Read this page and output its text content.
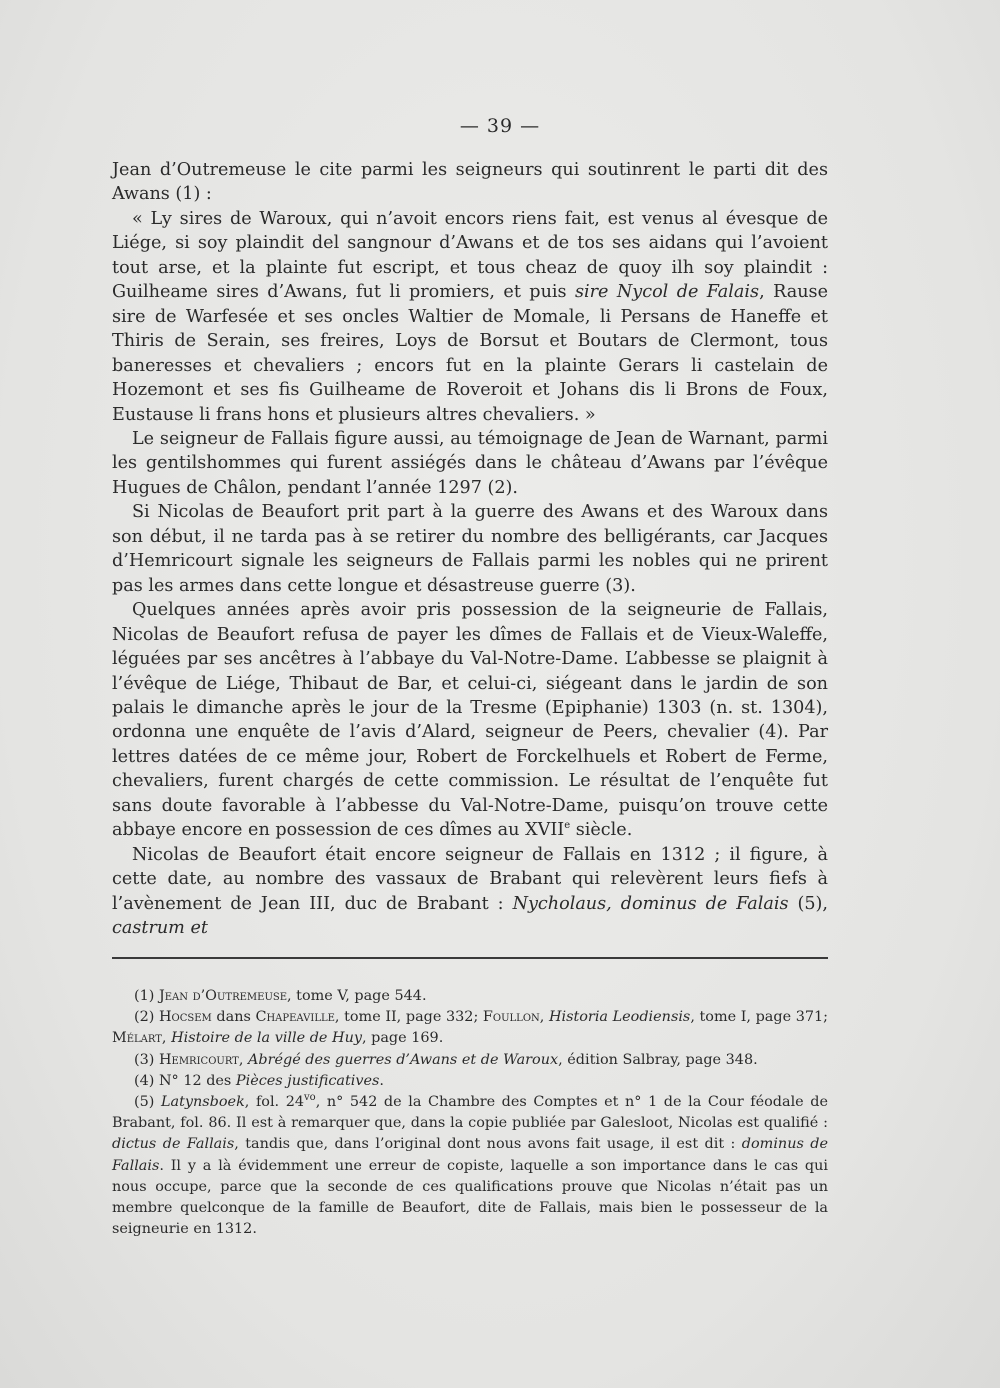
— 39 —

Jean d’Outremeuse le cite parmi les seigneurs qui soutinrent le parti dit des Awans (1) :

« Ly sires de Waroux, qui n’avoit encors riens fait, est venus al évesque de Liége, si soy plaindit del sangnour d’Awans et de tos ses aidans qui l’avoient tout arse, et la plainte fut escript, et tous cheaz de quoy ilh soy plaindit : Guilheame sires d’Awans, fut li promiers, et puis sire Nycol de Falais, Rause sire de Warfesée et ses oncles Waltier de Momale, li Persans de Haneffe et Thiris de Serain, ses freires, Loys de Borsut et Boutars de Clermont, tous baneresses et chevaliers ; encors fut en la plainte Gerars li castelain de Hozemont et ses fis Guilheame de Roveroit et Johans dis li Brons de Foux, Eustause li frans hons et plusieurs altres chevaliers. »

Le seigneur de Fallais figure aussi, au témoignage de Jean de Warnant, parmi les gentilshommes qui furent assiégés dans le château d’Awans par l’évêque Hugues de Châlon, pendant l’année 1297 (2).

Si Nicolas de Beaufort prit part à la guerre des Awans et des Waroux dans son début, il ne tarda pas à se retirer du nombre des belligérants, car Jacques d’Hemricourt signale les seigneurs de Fallais parmi les nobles qui ne prirent pas les armes dans cette longue et désastreuse guerre (3).

Quelques années après avoir pris possession de la seigneurie de Fallais, Nicolas de Beaufort refusa de payer les dîmes de Fallais et de Vieux-Waleffe, léguées par ses ancêtres à l’abbaye du Val-Notre-Dame. L’abbesse se plaignit à l’évêque de Liége, Thibaut de Bar, et celui-ci, siégeant dans le jardin de son palais le dimanche après le jour de la Tresme (Epiphanie) 1303 (n. st. 1304), ordonna une enquête de l’avis d’Alard, seigneur de Peers, chevalier (4). Par lettres datées de ce même jour, Robert de Forckelhuels et Robert de Ferme, chevaliers, furent chargés de cette commission. Le résultat de l’enquête fut sans doute favorable à l’abbesse du Val-Notre-Dame, puisqu’on trouve cette abbaye encore en possession de ces dîmes au XVIIe siècle.

Nicolas de Beaufort était encore seigneur de Fallais en 1312 ; il figure, à cette date, au nombre des vassaux de Brabant qui relevèrent leurs fiefs à l’avènement de Jean III, duc de Brabant : Nycholaus, dominus de Falais (5), castrum et

(1) Jean d’Outremeuse, tome V, page 544.

(2) Hocsem dans Chapeaville, tome II, page 332; Foullon, Historia Leodiensis, tome I, page 371; Mélart, Histoire de la ville de Huy, page 169.

(3) Hemricourt, Abrégé des guerres d’Awans et de Waroux, édition Salbray, page 348.

(4) N° 12 des Pièces justificatives.

(5) Latynsboek, fol. $24^{vo}$, n° 542 de la Chambre des Comptes et n° 1 de la Cour féodale de Brabant, fol. 86. Il est à remarquer que, dans la copie publiée par Galesloot, Nicolas est qualifié : dictus de Fallais, tandis que, dans l’original dont nous avons fait usage, il est dit : dominus de Fallais. Il y a là évidemment une erreur de copiste, laquelle a son importance dans le cas qui nous occupe, parce que la seconde de ces qualifications prouve que Nicolas n’était pas un membre quelconque de la famille de Beaufort, dite de Fallais, mais bien le possesseur de la seigneurie en 1312.
